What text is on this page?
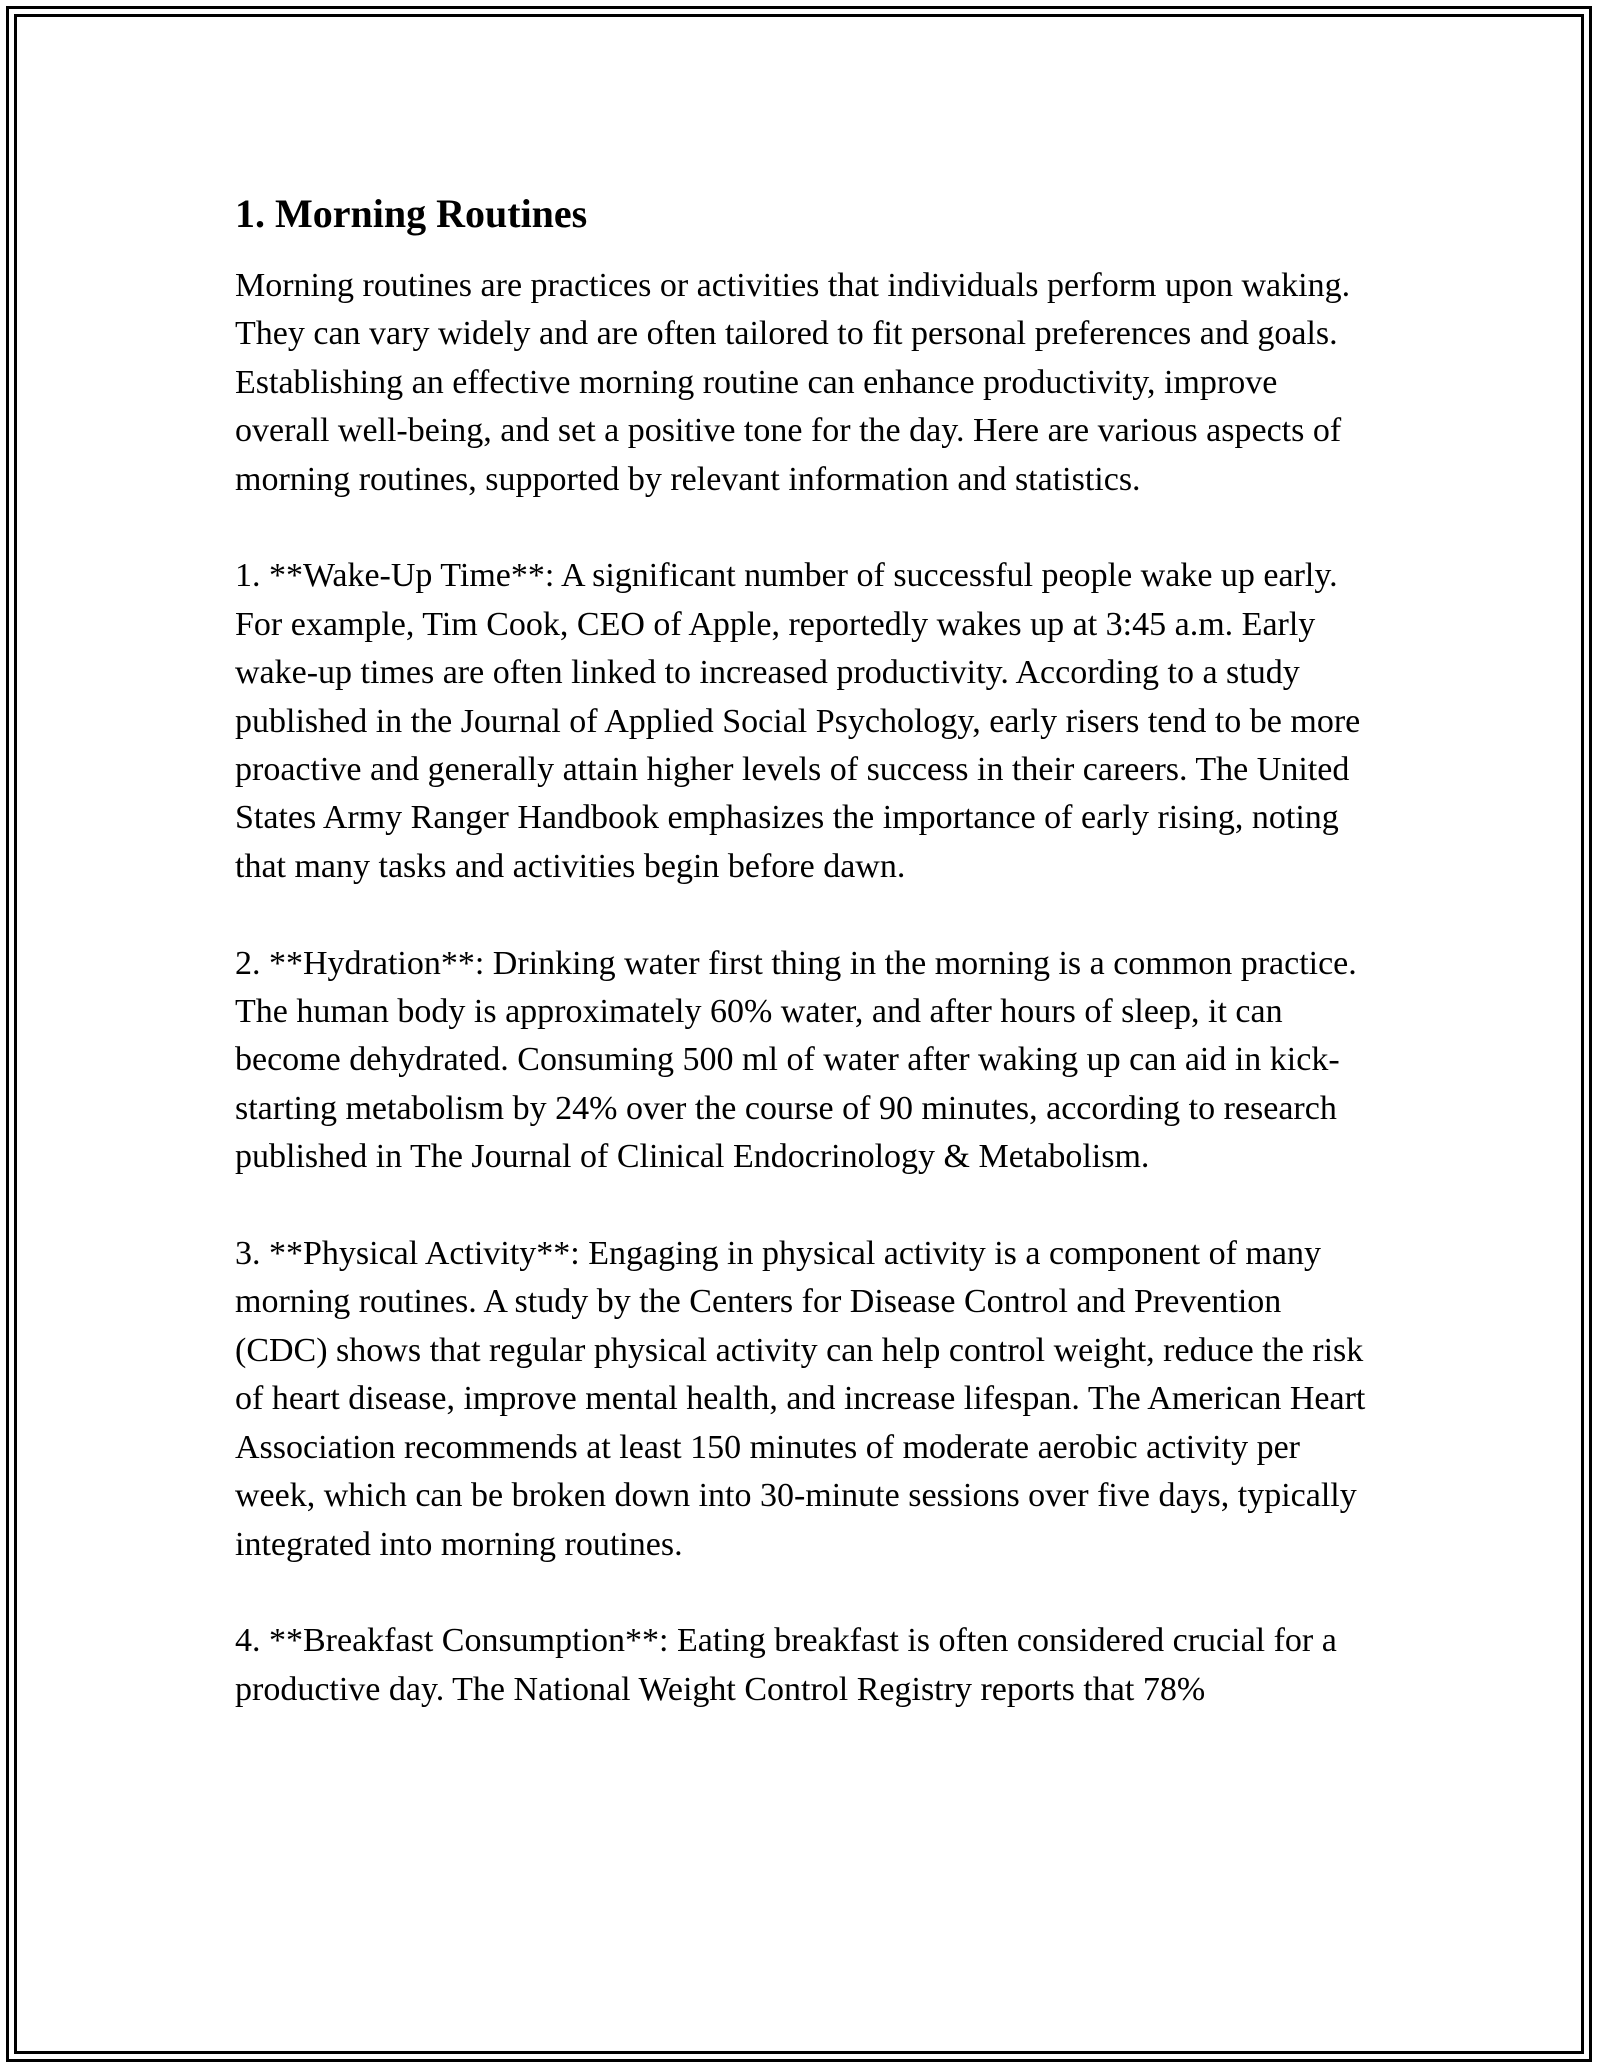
1. Morning Routines

Morning routines are practices or activities that individuals perform upon waking. They can vary widely and are often tailored to fit personal preferences and goals. Establishing an effective morning routine can enhance productivity, improve overall well-being, and set a positive tone for the day. Here are various aspects of morning routines, supported by relevant information and statistics.

1. **Wake-Up Time**: A significant number of successful people wake up early. For example, Tim Cook, CEO of Apple, reportedly wakes up at 3:45 a.m. Early wake-up times are often linked to increased productivity. According to a study published in the Journal of Applied Social Psychology, early risers tend to be more proactive and generally attain higher levels of success in their careers. The United States Army Ranger Handbook emphasizes the importance of early rising, noting that many tasks and activities begin before dawn.

2. **Hydration**: Drinking water first thing in the morning is a common practice. The human body is approximately 60% water, and after hours of sleep, it can become dehydrated. Consuming 500 ml of water after waking up can aid in kick-starting metabolism by 24% over the course of 90 minutes, according to research published in The Journal of Clinical Endocrinology & Metabolism.

3. **Physical Activity**: Engaging in physical activity is a component of many morning routines. A study by the Centers for Disease Control and Prevention (CDC) shows that regular physical activity can help control weight, reduce the risk of heart disease, improve mental health, and increase lifespan. The American Heart Association recommends at least 150 minutes of moderate aerobic activity per week, which can be broken down into 30-minute sessions over five days, typically integrated into morning routines.

4. **Breakfast Consumption**: Eating breakfast is often considered crucial for a productive day. The National Weight Control Registry reports that 78%
